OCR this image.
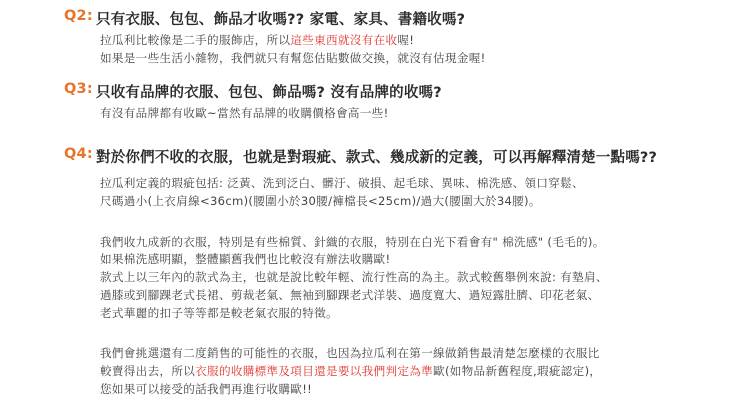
Q2: 只有衣服、包包、飾品才收嗎?? 家電、家具、書籍收嗎?
拉瓜利比較像是二手的服飾店，所以這些東西就沒有在收喔!
如果是一些生活小雜物，我們就只有幫您估貼數做交換，就沒有估現金喔!
Q3: 只收有品牌的衣服、包包、飾品嗎? 沒有品牌的收嗎?
有沒有品牌都有收歐~當然有品牌的收購價格會高一些!
Q4: 對於你們不收的衣服，也就是對瑕疵、款式、幾成新的定義，可以再解釋清楚一點嗎??
拉瓜利定義的瑕疵包括: 泛黃、洗到泛白、髒汙、破損、起毛球、異味、棉洗感、領口穿鬆、
尺碼過小(上衣肩線<36cm)(腰圍小於30腰/褲檔長<25cm)/過大(腰圍大於34腰)。
我們收九成新的衣服，特別是有些棉質、針織的衣服，特別在白光下看會有" 棉洗感" (毛毛的)。
如果棉洗感明顯，整體顯舊我們也比較沒有辦法收購歐!
款式上以三年內的款式為主，也就是說比較年輕、流行性高的為主。款式較舊舉例來說: 有墊肩、
過膝或到腳踝老式長裙、剪裁老氣、無袖到腳踝老式洋裝、過度寬大、過短露肚臍、印花老氣、
老式華麗的扣子等等都是較老氣衣服的特徵。
我們會挑選還有二度銷售的可能性的衣服，也因為拉瓜利在第一線做銷售最清楚怎麼樣的衣服比
較賣得出去，所以衣服的收購標準及項目還是要以我們判定為準歐(如物品新舊程度,瑕疵認定)，
您如果可以接受的話我們再進行收購歐!!
